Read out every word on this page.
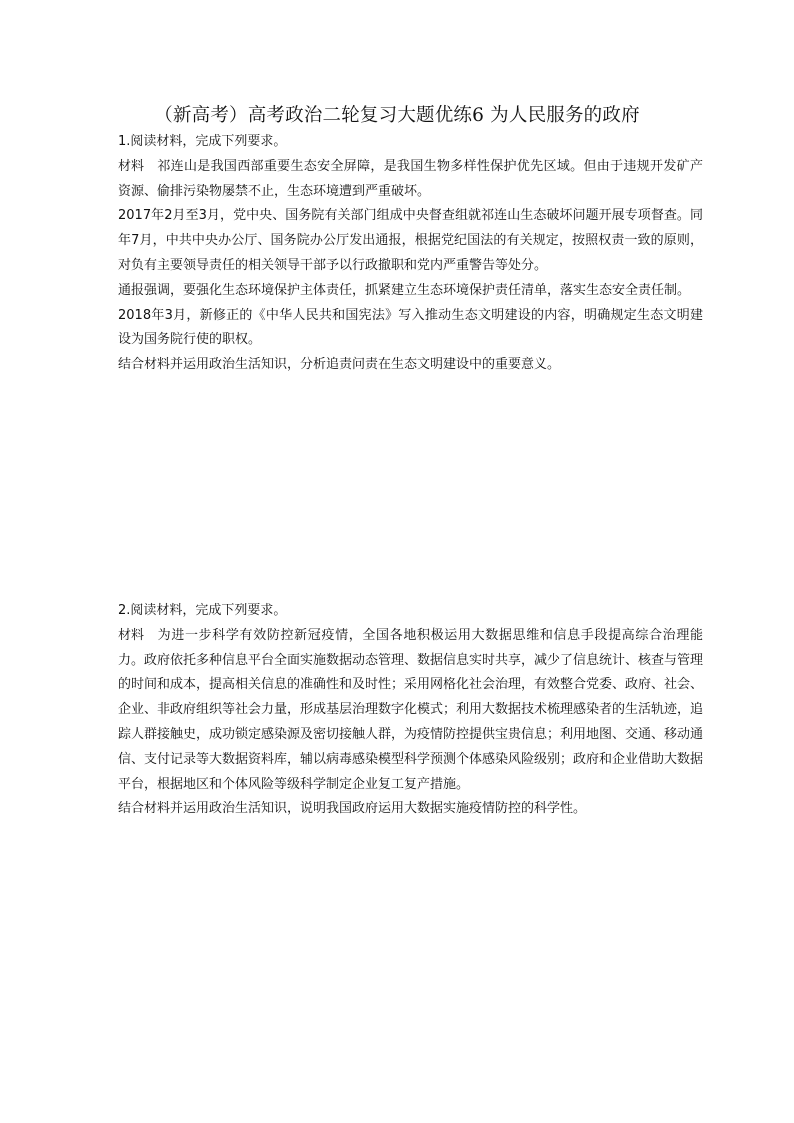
（新高考）高考政治二轮复习大题优练6 为人民服务的政府

1.阅读材料，完成下列要求。

材料 祁连山是我国西部重要生态安全屏障，是我国生物多样性保护优先区域。但由于违规开发矿产资源、偷排污染物屡禁不止，生态环境遭到严重破坏。

2017年2月至3月，党中央、国务院有关部门组成中央督查组就祁连山生态破坏问题开展专项督查。同年7月，中共中央办公厅、国务院办公厅发出通报，根据党纪国法的有关规定，按照权责一致的原则，对负有主要领导责任的相关领导干部予以行政撤职和党内严重警告等处分。

通报强调，要强化生态环境保护主体责任，抓紧建立生态环境保护责任清单，落实生态安全责任制。

2018年3月，新修正的《中华人民共和国宪法》写入推动生态文明建设的内容，明确规定生态文明建设为国务院行使的职权。

结合材料并运用政治生活知识，分析追责问责在生态文明建设中的重要意义。

2.阅读材料，完成下列要求。

材料 为进一步科学有效防控新冠疫情，全国各地积极运用大数据思维和信息手段提高综合治理能力。政府依托多种信息平台全面实施数据动态管理、数据信息实时共享，减少了信息统计、核查与管理的时间和成本，提高相关信息的准确性和及时性；采用网格化社会治理，有效整合党委、政府、社会、企业、非政府组织等社会力量，形成基层治理数字化模式；利用大数据技术梳理感染者的生活轨迹，追踪人群接触史，成功锁定感染源及密切接触人群，为疫情防控提供宝贵信息；利用地图、交通、移动通信、支付记录等大数据资料库，辅以病毒感染模型科学预测个体感染风险级别；政府和企业借助大数据平台，根据地区和个体风险等级科学制定企业复工复产措施。

结合材料并运用政治生活知识，说明我国政府运用大数据实施疫情防控的科学性。
